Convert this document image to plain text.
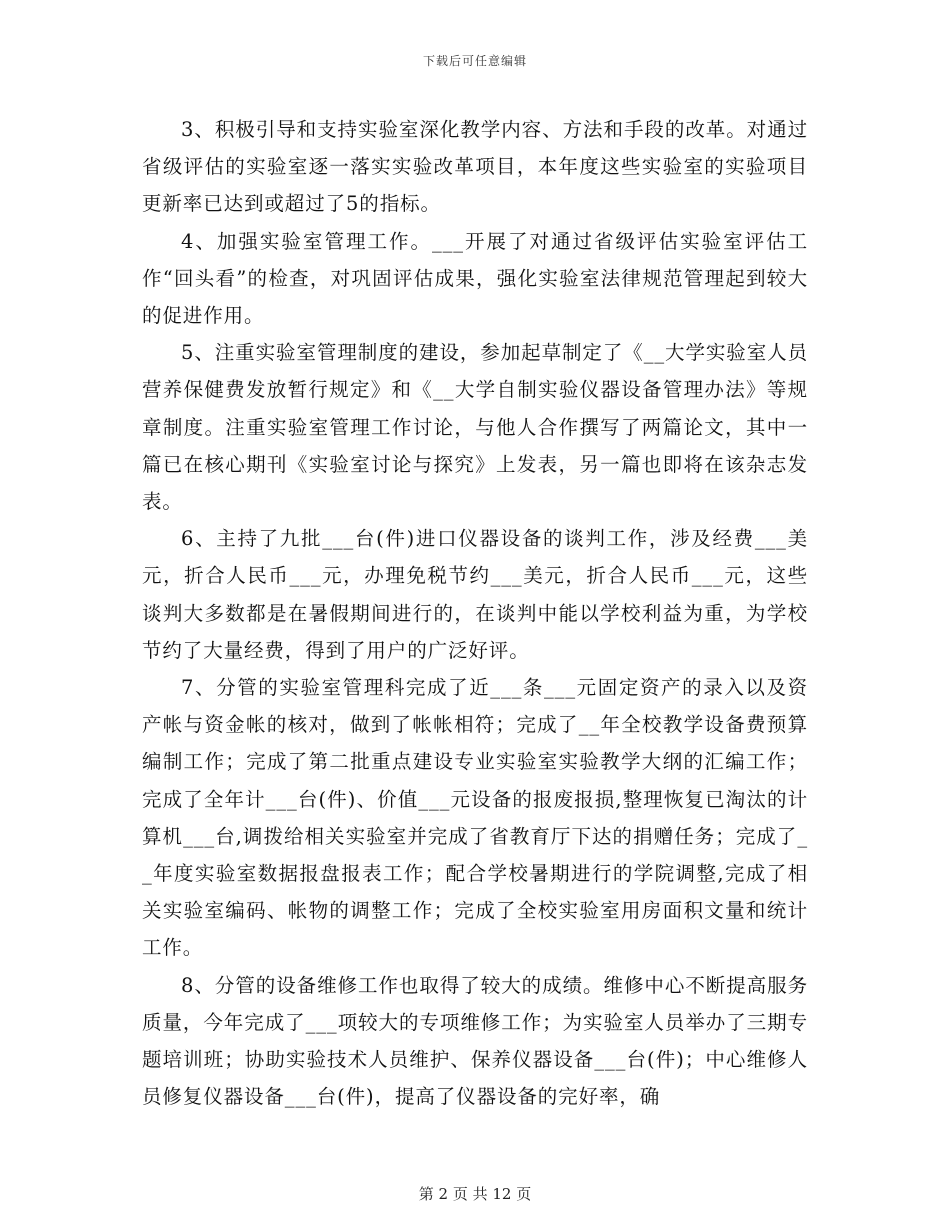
下载后可任意编辑

3、积极引导和支持实验室深化教学内容、方法和手段的改革。对通过省级评估的实验室逐一落实实验改革项目，本年度这些实验室的实验项目更新率已达到或超过了5的指标。

4、加强实验室管理工作。___开展了对通过省级评估实验室评估工作“回头看”的检查，对巩固评估成果，强化实验室法律规范管理起到较大的促进作用。

5、注重实验室管理制度的建设，参加起草制定了《__大学实验室人员营养保健费发放暂行规定》和《__大学自制实验仪器设备管理办法》等规章制度。注重实验室管理工作讨论，与他人合作撰写了两篇论文，其中一篇已在核心期刊《实验室讨论与探究》上发表，另一篇也即将在该杂志发表。

6、主持了九批___台(件)进口仪器设备的谈判工作，涉及经费___美元，折合人民币___元，办理免税节约___美元，折合人民币___元，这些谈判大多数都是在暑假期间进行的，在谈判中能以学校利益为重，为学校节约了大量经费，得到了用户的广泛好评。

7、分管的实验室管理科完成了近___条___元固定资产的录入以及资产帐与资金帐的核对，做到了帐帐相符；完成了__年全校教学设备费预算编制工作；完成了第二批重点建设专业实验室实验教学大纲的汇编工作；完成了全年计___台(件)、价值___元设备的报废报损,整理恢复已淘汰的计算机___台,调拨给相关实验室并完成了省教育厅下达的捐赠任务；完成了__年度实验室数据报盘报表工作；配合学校暑期进行的学院调整,完成了相关实验室编码、帐物的调整工作；完成了全校实验室用房面积文量和统计工作。

8、分管的设备维修工作也取得了较大的成绩。维修中心不断提高服务质量，今年完成了___项较大的专项维修工作；为实验室人员举办了三期专题培训班；协助实验技术人员维护、保养仪器设备___台(件)；中心维修人员修复仪器设备___台(件)，提高了仪器设备的完好率，确

第 2 页 共 12 页
